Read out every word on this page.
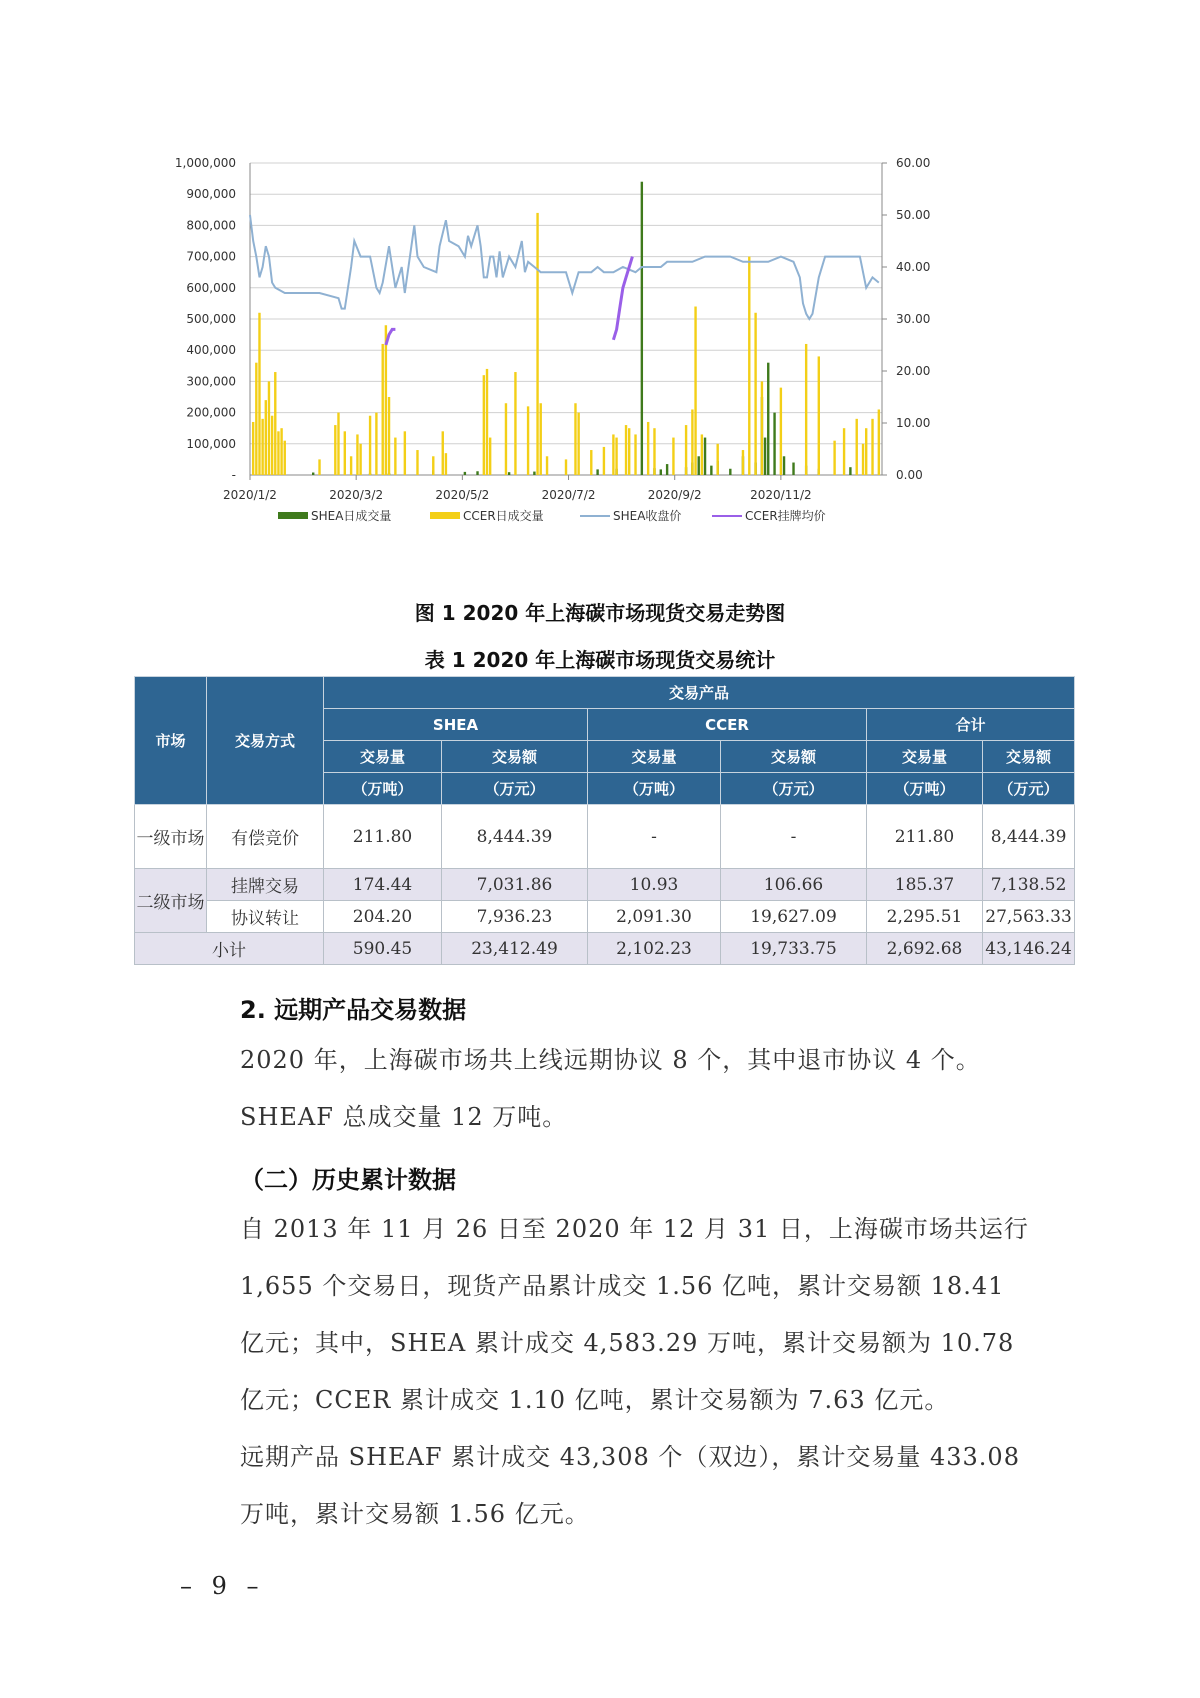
1,000,000
900,000
800,000
700,000
600,000
500,000
400,000
300,000
200,000
100,000
-
60.00
50.00
40.00
30.00
20.00
10.00
0.00
2020/1/2	2020/3/2	2020/5/2	2020/7/2	2020/9/2	2020/11/2
SHEA日成交量	CCER日成交量	SHEA收盘价	CCER挂牌均价
图 1 2020 年上海碳市场现货交易走势图
表 1 2020 年上海碳市场现货交易统计
市场	交易方式	交易产品					
		SHEA		CCER		合计	
		交易量	交易额	交易量	交易额	交易量	交易额
		（万吨）	（万元）	（万吨）	（万元）	（万吨）	（万元）
一级市场	有偿竞价	211.80	8,444.39	-	-	211.80	8,444.39
二级市场	挂牌交易	174.44	7,031.86	10.93	106.66	185.37	7,138.52
	协议转让	204.20	7,936.23	2,091.30	19,627.09	2,295.51	27,563.33
小计		590.45	23,412.49	2,102.23	19,733.75	2,692.68	43,146.24
2. 远期产品交易数据
2020 年，上海碳市场共上线远期协议 8 个，其中退市协议 4 个。SHEAF 总成交量 12 万吨。
（二）历史累计数据
自 2013 年 11 月 26 日至 2020 年 12 月 31 日，上海碳市场共运行 1,655 个交易日，现货产品累计成交 1.56 亿吨，累计交易额 18.41 亿元；其中，SHEA 累计成交 4,583.29 万吨，累计交易额为 10.78 亿元；CCER 累计成交 1.10 亿吨，累计交易额为 7.63 亿元。
远期产品 SHEAF 累计成交 43,308 个（双边），累计交易量 433.08 万吨，累计交易额 1.56 亿元。
– 9 –
